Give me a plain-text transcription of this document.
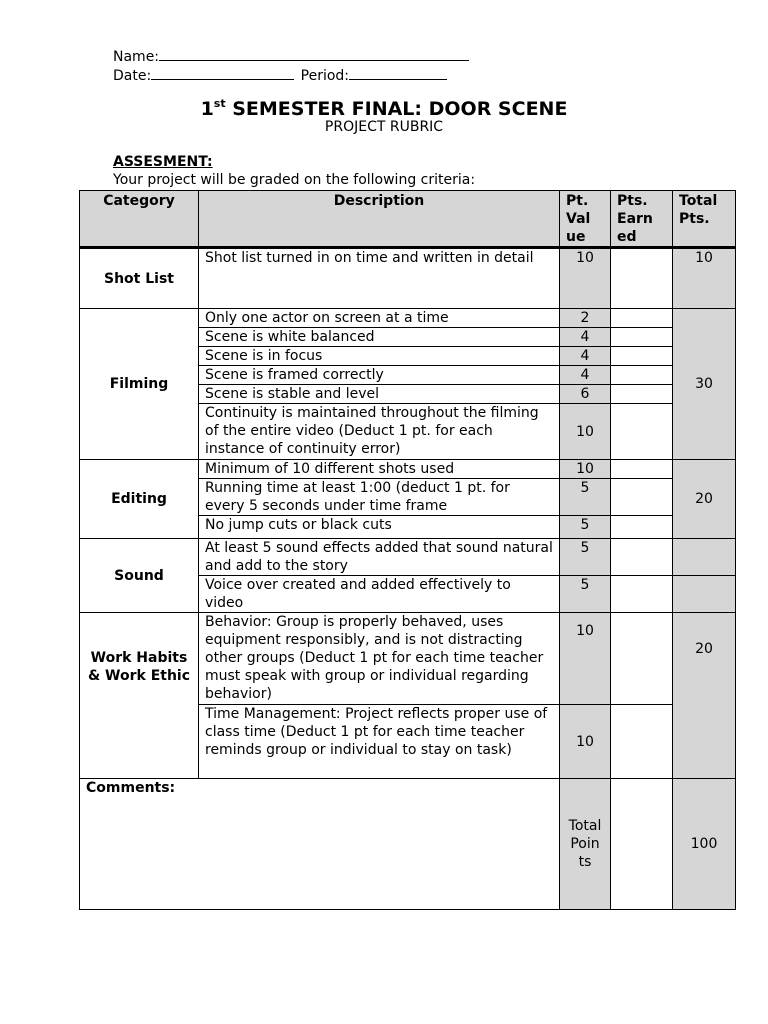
Name:
Date:	Period:
1st SEMESTER FINAL: DOOR SCENE
PROJECT RUBRIC
ASSESMENT:
Your project will be graded on the following criteria:
Category	Description	Pt. Val ue	Pts. Earn ed	Total Pts.
Shot List	Shot list turned in on time and written in detail	10		10
Filming	Only one actor on screen at a time	2		30
	Scene is white balanced	4		
	Scene is in focus	4		
	Scene is framed correctly	4		
	Scene is stable and level	6		
	Continuity is maintained throughout the filming of the entire video (Deduct 1 pt. for each instance of continuity error)	10		
Editing	Minimum of 10 different shots used	10		20
	Running time at least 1:00 (deduct 1 pt. for every 5 seconds under time frame	5		
	No jump cuts or black cuts	5		
Sound	At least 5 sound effects added that sound natural and add to the story	5		
	Voice over created and added effectively to video	5		
Work Habits & Work Ethic	Behavior: Group is properly behaved, uses equipment responsibly, and is not distracting other groups (Deduct 1 pt for each time teacher must speak with group or individual regarding behavior)	10		20
	Time Management: Project reflects proper use of class time (Deduct 1 pt for each time teacher reminds group or individual to stay on task)	10		
Comments:		Total Poin ts		100
